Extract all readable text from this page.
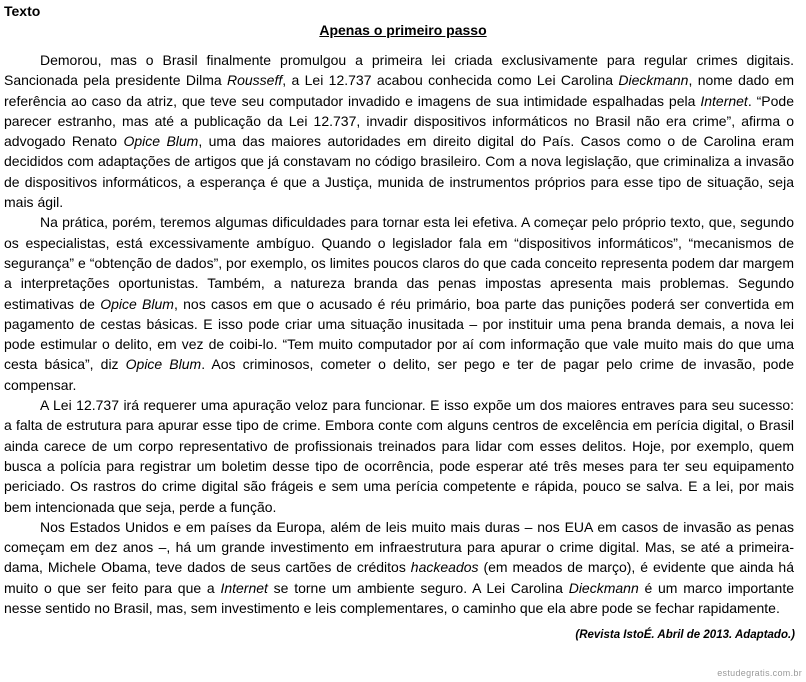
Texto
Apenas o primeiro passo

Demorou, mas o Brasil finalmente promulgou a primeira lei criada exclusivamente para regular crimes digitais. Sancionada pela presidente Dilma Rousseff, a Lei 12.737 acabou conhecida como Lei Carolina Dieckmann, nome dado em referência ao caso da atriz, que teve seu computador invadido e imagens de sua intimidade espalhadas pela Internet. “Pode parecer estranho, mas até a publicação da Lei 12.737, invadir dispositivos informáticos no Brasil não era crime”, afirma o advogado Renato Opice Blum, uma das maiores autoridades em direito digital do País. Casos como o de Carolina eram decididos com adaptações de artigos que já constavam no código brasileiro. Com a nova legislação, que criminaliza a invasão de dispositivos informáticos, a esperança é que a Justiça, munida de instrumentos próprios para esse tipo de situação, seja mais ágil.

Na prática, porém, teremos algumas dificuldades para tornar esta lei efetiva. A começar pelo próprio texto, que, segundo os especialistas, está excessivamente ambíguo. Quando o legislador fala em “dispositivos informáticos”, “mecanismos de segurança” e “obtenção de dados”, por exemplo, os limites poucos claros do que cada conceito representa podem dar margem a interpretações oportunistas. Também, a natureza branda das penas impostas apresenta mais problemas. Segundo estimativas de Opice Blum, nos casos em que o acusado é réu primário, boa parte das punições poderá ser convertida em pagamento de cestas básicas. E isso pode criar uma situação inusitada – por instituir uma pena branda demais, a nova lei pode estimular o delito, em vez de coibi-lo. “Tem muito computador por aí com informação que vale muito mais do que uma cesta básica”, diz Opice Blum. Aos criminosos, cometer o delito, ser pego e ter de pagar pelo crime de invasão, pode compensar.

A Lei 12.737 irá requerer uma apuração veloz para funcionar. E isso expõe um dos maiores entraves para seu sucesso: a falta de estrutura para apurar esse tipo de crime. Embora conte com alguns centros de excelência em perícia digital, o Brasil ainda carece de um corpo representativo de profissionais treinados para lidar com esses delitos. Hoje, por exemplo, quem busca a polícia para registrar um boletim desse tipo de ocorrência, pode esperar até três meses para ter seu equipamento periciado. Os rastros do crime digital são frágeis e sem uma perícia competente e rápida, pouco se salva. E a lei, por mais bem intencionada que seja, perde a função.

Nos Estados Unidos e em países da Europa, além de leis muito mais duras – nos EUA em casos de invasão as penas começam em dez anos –, há um grande investimento em infraestrutura para apurar o crime digital. Mas, se até a primeira-dama, Michele Obama, teve dados de seus cartões de créditos hackeados (em meados de março), é evidente que ainda há muito o que ser feito para que a Internet se torne um ambiente seguro. A Lei Carolina Dieckmann é um marco importante nesse sentido no Brasil, mas, sem investimento e leis complementares, o caminho que ela abre pode se fechar rapidamente.

(Revista IstoÉ. Abril de 2013. Adaptado.)
estudegratis.com.br
